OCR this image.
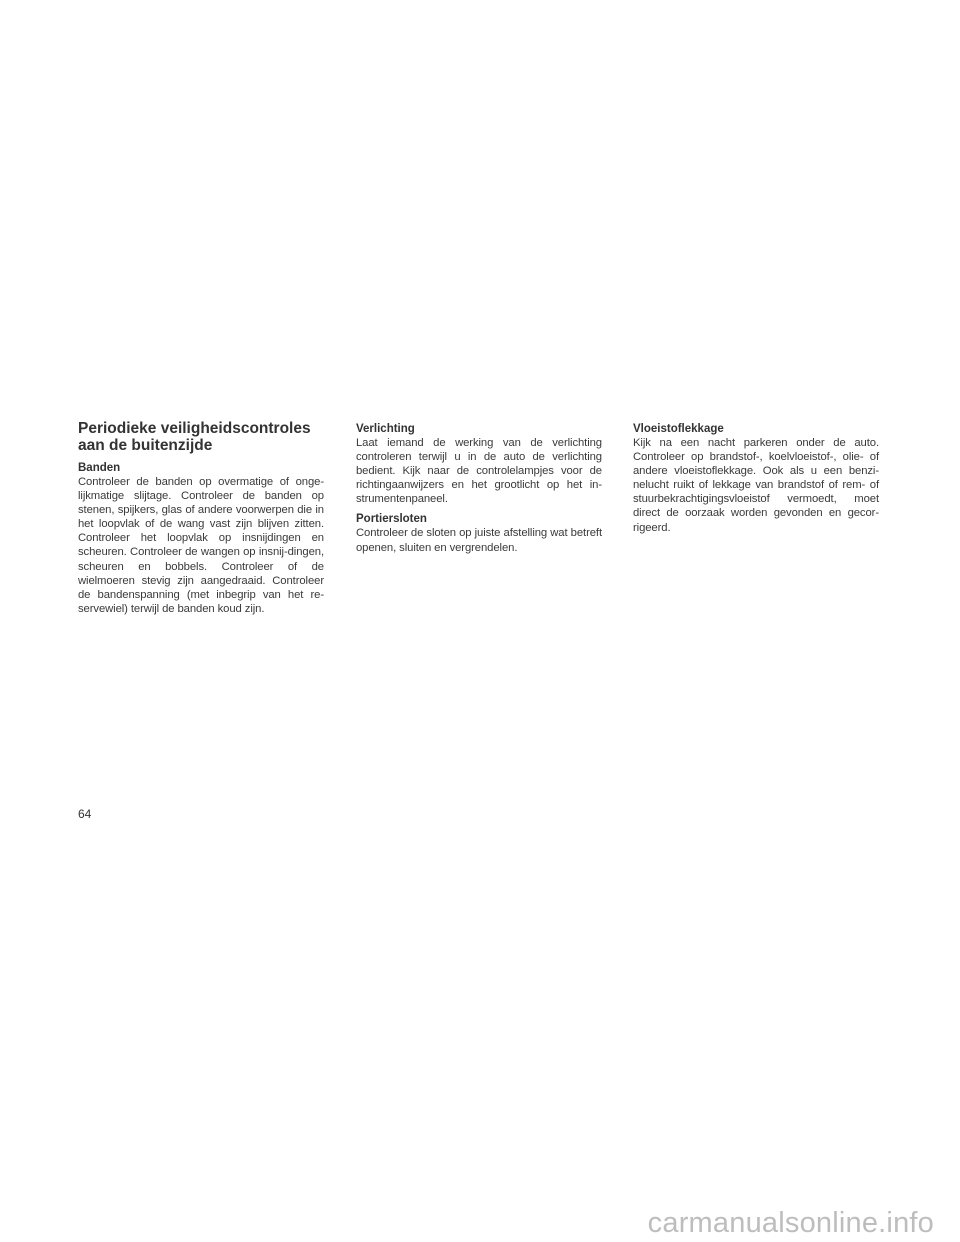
Periodieke veiligheidscontroles aan de buitenzijde

Banden

Controleer de banden op overmatige of onge-lijkmatige slijtage. Controleer de banden op stenen, spijkers, glas of andere voorwerpen die in het loopvlak of de wang vast zijn blijven zitten. Controleer het loopvlak op insnijdingen en scheuren. Controleer de wangen op insnij-dingen, scheuren en bobbels. Controleer of de wielmoeren stevig zijn aangedraaid. Controleer de bandenspanning (met inbegrip van het re-servewiel) terwijl de banden koud zijn.

Verlichting

Laat iemand de werking van de verlichting controleren terwijl u in de auto de verlichting bedient. Kijk naar de controlelampjes voor de richtingaanwijzers en het grootlicht op het in-strumentenpaneel.

Portiersloten

Controleer de sloten op juiste afstelling wat betreft openen, sluiten en vergrendelen.

Vloeistoflekkage

Kijk na een nacht parkeren onder de auto. Controleer op brandstof-, koelvloeistof-, olie- of andere vloeistoflekkage. Ook als u een benzi-nelucht ruikt of lekkage van brandstof of rem- of stuurbekrachtigingsvloeistof vermoedt, moet direct de oorzaak worden gevonden en gecor-rigeerd.

64
carmanualsonline.info
